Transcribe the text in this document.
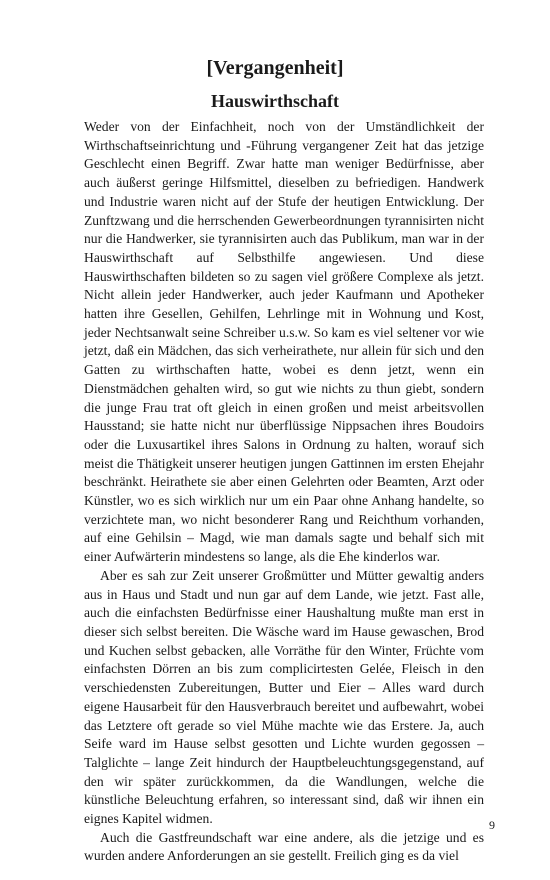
[Vergangenheit]
Hauswirthschaft

Weder von der Einfachheit, noch von der Umständlichkeit der Wirthschaftseinrichtung und -Führung vergangener Zeit hat das jetzige Geschlecht einen Begriff. Zwar hatte man weniger Bedürfnisse, aber auch äußerst geringe Hilfsmittel, dieselben zu befriedigen. Handwerk und Industrie waren nicht auf der Stufe der heutigen Entwicklung. Der Zunftzwang und die herrschenden Gewerbeordnungen tyrannisirten nicht nur die Handwerker, sie tyrannisirten auch das Publikum, man war in der Hauswirthschaft auf Selbsthilfe angewiesen. Und diese Hauswirthschaften bildeten so zu sagen viel größere Complexe als jetzt. Nicht allein jeder Handwerker, auch jeder Kaufmann und Apotheker hatten ihre Gesellen, Gehilfen, Lehrlinge mit in Wohnung und Kost, jeder Nechtsanwalt seine Schreiber u.s.w. So kam es viel seltener vor wie jetzt, daß ein Mädchen, das sich verheirathete, nur allein für sich und den Gatten zu wirthschaften hatte, wobei es denn jetzt, wenn ein Dienstmädchen gehalten wird, so gut wie nichts zu thun giebt, sondern die junge Frau trat oft gleich in einen großen und meist arbeitsvollen Hausstand; sie hatte nicht nur überflüssige Nippsachen ihres Boudoirs oder die Luxusartikel ihres Salons in Ordnung zu halten, worauf sich meist die Thätigkeit unserer heutigen jungen Gattinnen im ersten Ehejahr beschränkt. Heirathete sie aber einen Gelehrten oder Beamten, Arzt oder Künstler, wo es sich wirklich nur um ein Paar ohne Anhang handelte, so verzichtete man, wo nicht besonderer Rang und Reichthum vorhanden, auf eine Gehilsin – Magd, wie man damals sagte und behalf sich mit einer Aufwärterin mindestens so lange, als die Ehe kinderlos war.

Aber es sah zur Zeit unserer Großmütter und Mütter gewaltig anders aus in Haus und Stadt und nun gar auf dem Lande, wie jetzt. Fast alle, auch die einfachsten Bedürfnisse einer Haushaltung mußte man erst in dieser sich selbst bereiten. Die Wäsche ward im Hause gewaschen, Brod und Kuchen selbst gebacken, alle Vorräthe für den Winter, Früchte vom einfachsten Dörren an bis zum complicirtesten Gelée, Fleisch in den verschiedensten Zubereitungen, Butter und Eier – Alles ward durch eigene Hausarbeit für den Hausverbrauch bereitet und aufbewahrt, wobei das Letztere oft gerade so viel Mühe machte wie das Erstere. Ja, auch Seife ward im Hause selbst gesotten und Lichte wurden gegossen – Talglichte – lange Zeit hindurch der Hauptbeleuchtungsgegenstand, auf den wir später zurückkommen, da die Wandlungen, welche die künstliche Beleuchtung erfahren, so interessant sind, daß wir ihnen ein eignes Kapitel widmen.

Auch die Gastfreundschaft war eine andere, als die jetzige und es wurden andere Anforderungen an sie gestellt. Freilich ging es da viel

9
